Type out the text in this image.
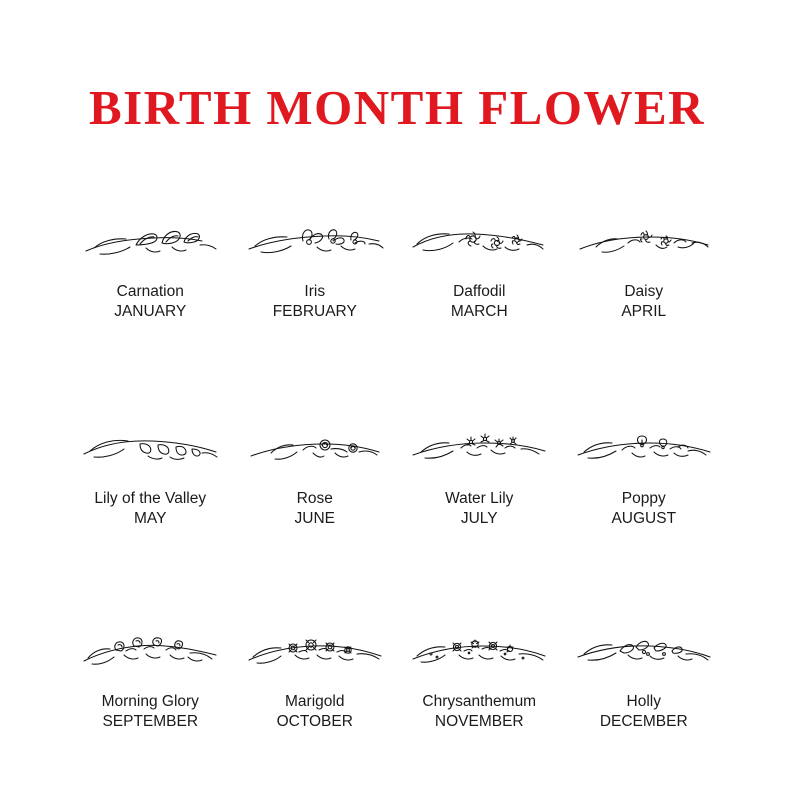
BIRTH MONTH FLOWER
Carnation
JANUARY
Iris
FEBRUARY
Daffodil
MARCH
Daisy
APRIL
Lily of the Valley
MAY
Rose
JUNE
Water Lily
JULY
Poppy
AUGUST
Morning Glory
SEPTEMBER
Marigold
OCTOBER
Chrysanthemum
NOVEMBER
Holly
DECEMBER
